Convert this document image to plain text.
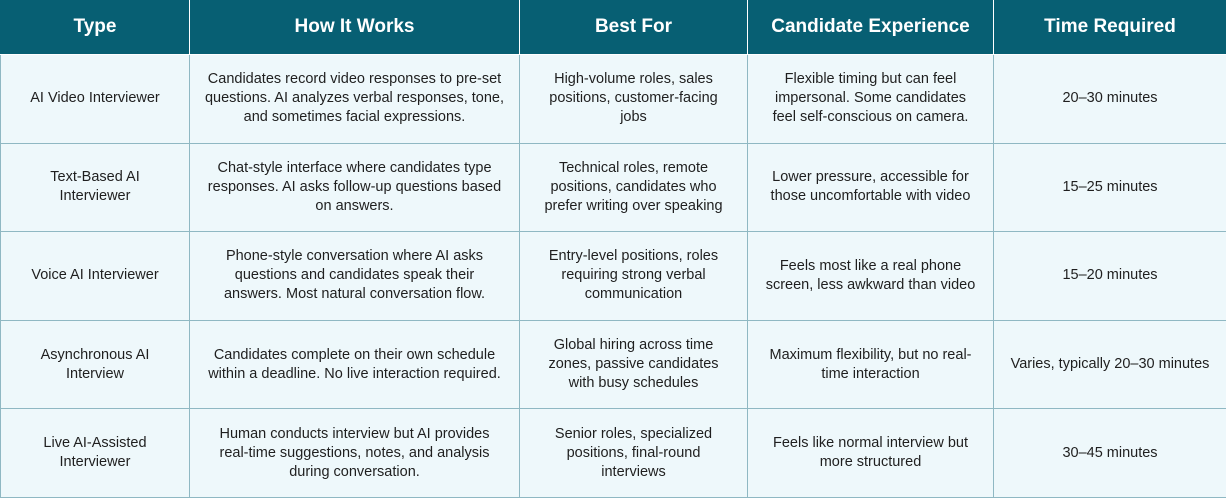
Type	How It Works	Best For	Candidate Experience	Time Required
AI Video Interviewer	Candidates record video responses to pre-set questions. AI analyzes verbal responses, tone, and sometimes facial expressions.	High-volume roles, sales positions, customer-facing jobs	Flexible timing but can feel impersonal. Some candidates feel self-conscious on camera.	20–30 minutes
Text-Based AI Interviewer	Chat-style interface where candidates type responses. AI asks follow-up questions based on answers.	Technical roles, remote positions, candidates who prefer writing over speaking	Lower pressure, accessible for those uncomfortable with video	15–25 minutes
Voice AI Interviewer	Phone-style conversation where AI asks questions and candidates speak their answers. Most natural conversation flow.	Entry-level positions, roles requiring strong verbal communication	Feels most like a real phone screen, less awkward than video	15–20 minutes
Asynchronous AI Interview	Candidates complete on their own schedule within a deadline. No live interaction required.	Global hiring across time zones, passive candidates with busy schedules	Maximum flexibility, but no real-time interaction	Varies, typically 20–30 minutes
Live AI-Assisted Interviewer	Human conducts interview but AI provides real-time suggestions, notes, and analysis during conversation.	Senior roles, specialized positions, final-round interviews	Feels like normal interview but more structured	30–45 minutes
